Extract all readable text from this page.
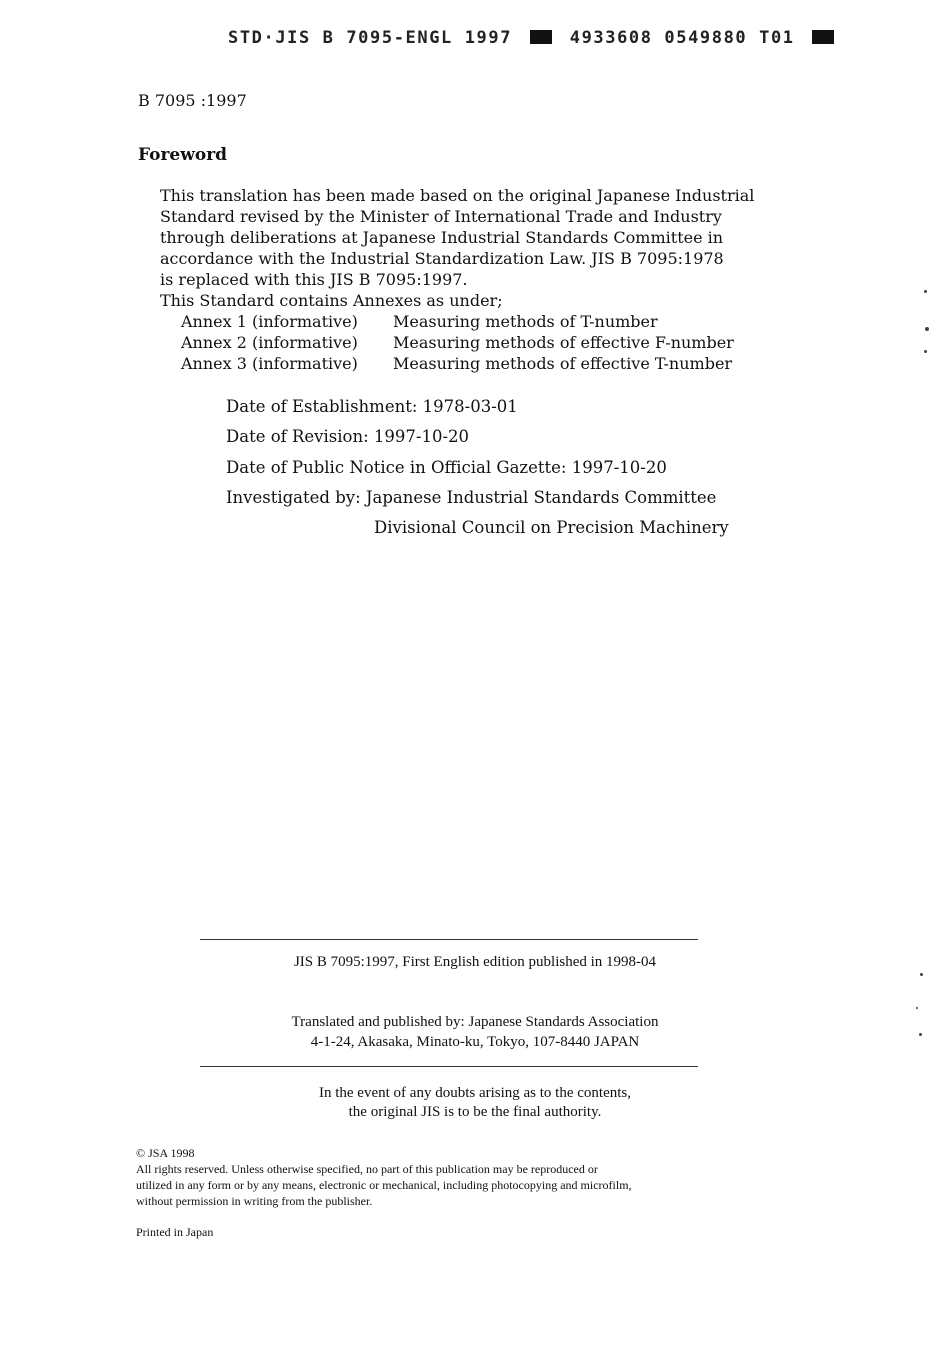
STD·JIS B 7095-ENGL 1997	4933608 0549880 T01
B 7095 :1997
Foreword
This translation has been made based on the original Japanese Industrial
Standard revised by the Minister of International Trade and Industry
through deliberations at Japanese Industrial Standards Committee in
accordance with the Industrial Standardization Law. JIS B 7095:1978
is replaced with this JIS B 7095:1997.
This Standard contains Annexes as under;
Annex 1 (informative) Measuring methods of T-number
Annex 2 (informative) Measuring methods of effective F-number
Annex 3 (informative) Measuring methods of effective T-number
Date of Establishment: 1978-03-01
Date of Revision: 1997-10-20
Date of Public Notice in Official Gazette: 1997-10-20
Investigated by: Japanese Industrial Standards Committee
Divisional Council on Precision Machinery
JIS B 7095:1997, First English edition published in 1998-04
Translated and published by: Japanese Standards Association
4-1-24, Akasaka, Minato-ku, Tokyo, 107-8440 JAPAN
In the event of any doubts arising as to the contents,
the original JIS is to be the final authority.
© JSA 1998
All rights reserved. Unless otherwise specified, no part of this publication may be reproduced or
utilized in any form or by any means, electronic or mechanical, including photocopying and microfilm,
without permission in writing from the publisher.
Printed in Japan
